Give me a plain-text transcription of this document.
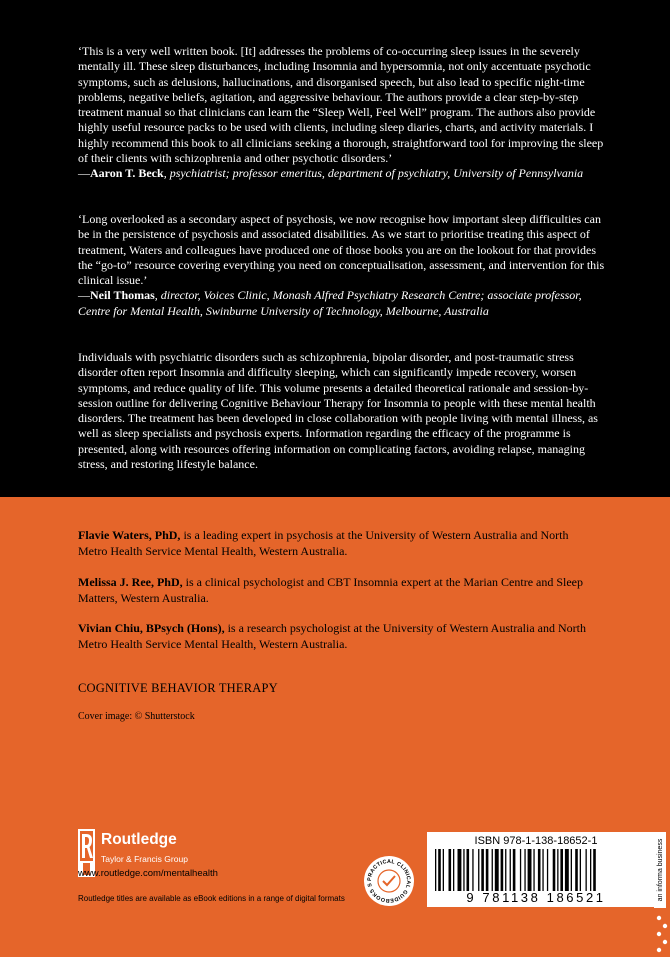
‘This is a very well written book. [It] addresses the problems of co-occurring sleep issues in the severely mentally ill. These sleep disturbances, including Insomnia and hypersomnia, not only accentuate psychotic symptoms, such as delusions, hallucinations, and disorganised speech, but also lead to specific night-time problems, negative beliefs, agitation, and aggressive behaviour. The authors provide a clear step-by-step treatment manual so that clinicians can learn the “Sleep Well, Feel Well” program. The authors also provide highly useful resource packs to be used with clients, including sleep diaries, charts, and activity materials. I highly recommend this book to all clinicians seeking a thorough, straightforward tool for improving the sleep of their clients with schizophrenia and other psychotic disorders.’
—Aaron T. Beck, psychiatrist; professor emeritus, department of psychiatry, University of Pennsylvania

‘Long overlooked as a secondary aspect of psychosis, we now recognise how important sleep difficulties can be in the persistence of psychosis and associated disabilities. As we start to prioritise treating this aspect of treatment, Waters and colleagues have produced one of those books you are on the lookout for that provides the “go-to” resource covering everything you need on conceptualisation, assessment, and intervention for this clinical issue.’
—Neil Thomas, director, Voices Clinic, Monash Alfred Psychiatry Research Centre; associate professor, Centre for Mental Health, Swinburne University of Technology, Melbourne, Australia

Individuals with psychiatric disorders such as schizophrenia, bipolar disorder, and post-traumatic stress disorder often report Insomnia and difficulty sleeping, which can significantly impede recovery, worsen symptoms, and reduce quality of life. This volume presents a detailed theoretical rationale and session-by-session outline for delivering Cognitive Behaviour Therapy for Insomnia to people with these mental health disorders. The treatment has been developed in close collaboration with people living with mental illness, as well as sleep specialists and psychosis experts. Information regarding the efficacy of the programme is presented, along with resources offering information on complicating factors, avoiding relapse, managing stress, and restoring lifestyle balance.

Flavie Waters, PhD, is a leading expert in psychosis at the University of Western Australia and North Metro Health Service Mental Health, Western Australia.

Melissa J. Ree, PhD, is a clinical psychologist and CBT Insomnia expert at the Marian Centre and Sleep Matters, Western Australia.

Vivian Chiu, BPsych (Hons), is a research psychologist at the University of Western Australia and North Metro Health Service Mental Health, Western Australia.

COGNITIVE BEHAVIOR THERAPY
Cover image: © Shutterstock
Routledge
Taylor & Francis Group
www.routledge.com/mentalhealth
Routledge titles are available as eBook editions in a range of digital formats
PRACTICAL CLINICAL GUIDEBOOKS S
ISBN 978-1-138-18652-1
9 781138 186521	an informa business
